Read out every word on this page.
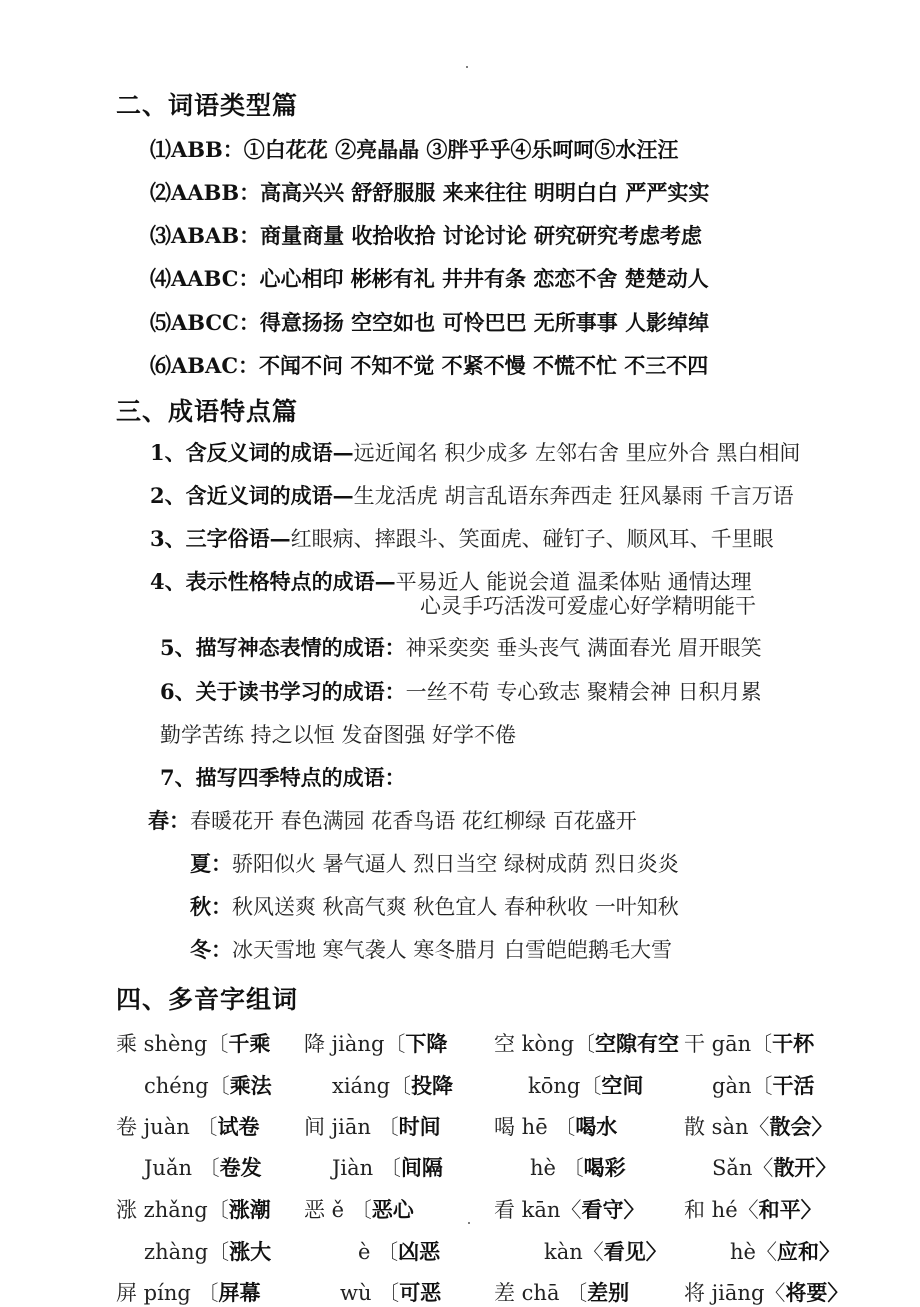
二、词语类型篇
⑴ABB：①白花花 ②亮晶晶 ③胖乎乎④乐呵呵⑤水汪汪
⑵AABB：高高兴兴 舒舒服服 来来往往 明明白白 严严实实
⑶ABAB：商量商量 收拾收拾 讨论讨论 研究研究考虑考虑
⑷AABC：心心相印 彬彬有礼 井井有条 恋恋不舍 楚楚动人
⑸ABCC：得意扬扬 空空如也 可怜巴巴 无所事事 人影绰绰
⑹ABAC：不闻不问 不知不觉 不紧不慢 不慌不忙 不三不四
三、成语特点篇
1、含反义词的成语—远近闻名 积少成多 左邻右舍 里应外合 黑白相间
2、含近义词的成语—生龙活虎 胡言乱语东奔西走 狂风暴雨 千言万语
3、三字俗语—红眼病、摔跟斗、笑面虎、碰钉子、顺风耳、千里眼
4、表示性格特点的成语—平易近人 能说会道 温柔体贴 通情达理
心灵手巧活泼可爱虚心好学精明能干
5、描写神态表情的成语：神采奕奕 垂头丧气 满面春光 眉开眼笑
6、关于读书学习的成语：一丝不苟 专心致志 聚精会神 日积月累
勤学苦练 持之以恒 发奋图强 好学不倦
7、描写四季特点的成语：
春：春暖花开 春色满园 花香鸟语 花红柳绿 百花盛开
夏：骄阳似火 暑气逼人 烈日当空 绿树成荫 烈日炎炎
秋：秋风送爽 秋高气爽 秋色宜人 春种秋收 一叶知秋
冬：冰天雪地 寒气袭人 寒冬腊月 白雪皑皑鹅毛大雪
四、多音字组词
乘 shèng〔千乘 降 jiàng〔下降 空 kòng〔空隙有空 干 gān〔干杯
chéng〔乘法	xiáng〔投降	kōng〔空间	gàn〔干活
卷 juàn 〔试卷 间 jiān 〔时间	喝 hē 〔喝水	散 sàn〈散会〉
Juǎn 〔卷发	Jiàn 〔间隔	hè 〔喝彩	Sǎn〈散开〉
涨 zhǎng〔涨潮 恶 ě 〔恶心	看 kān〈看守〉 和 hé〈和平〉
zhàng〔涨大	è 〔凶恶	kàn〈看见〉	hè〈应和〉
屏 píng 〔屏幕	wù 〔可恶	差 chā 〔差别	将 jiāng〈将要〉
